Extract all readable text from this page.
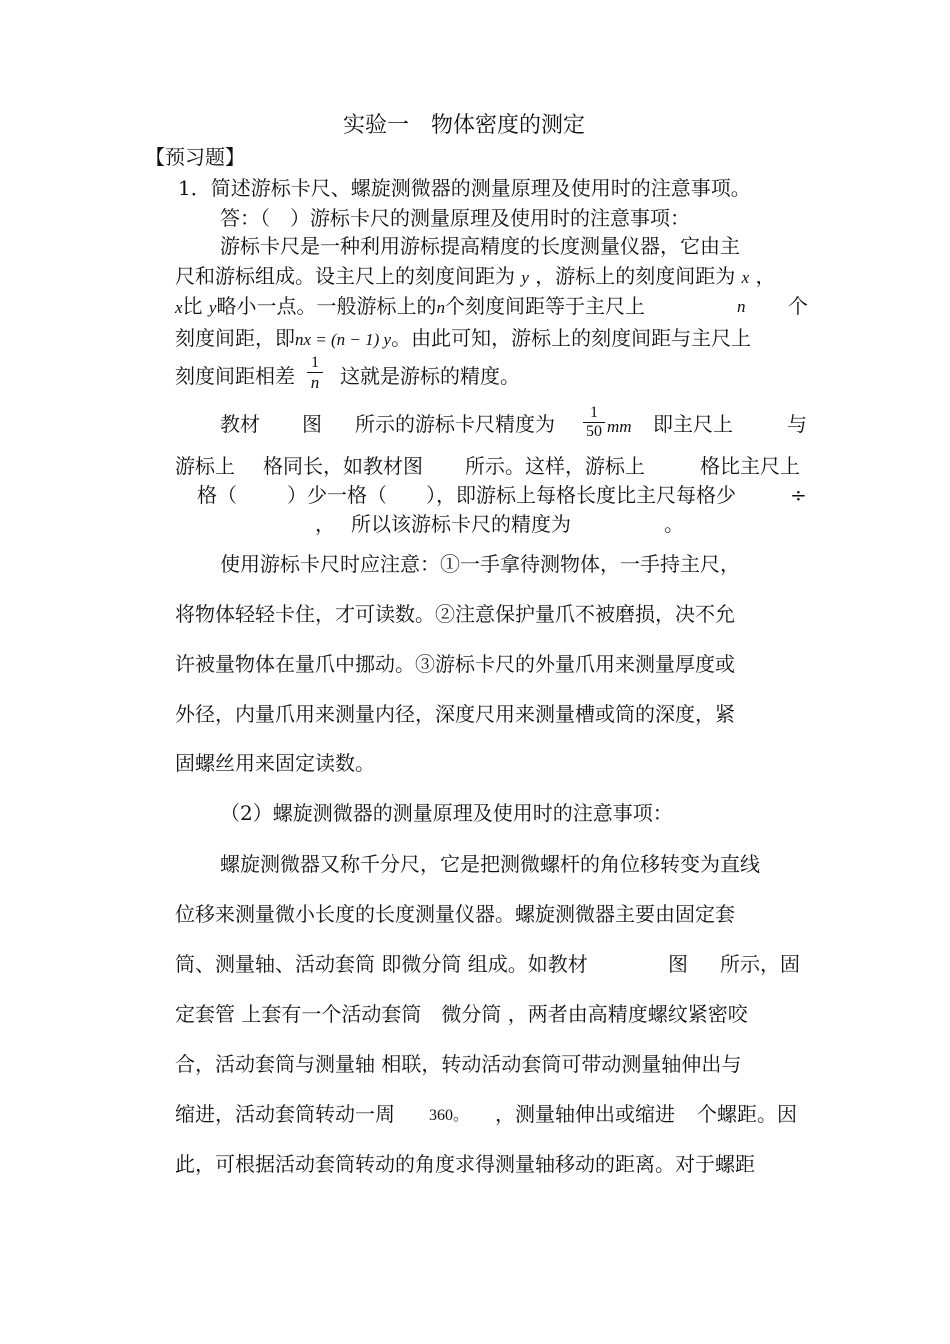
实验一　物体密度的测定
【预习题】
1．简述游标卡尺、螺旋测微器的测量原理及使用时的注意事项。
答：（　）游标卡尺的测量原理及使用时的注意事项：
游标卡尺是一种利用游标提高精度的长度测量仪器，它由主
尺和游标组成。设主尺上的刻度间距为 y ，游标上的刻度间距为 x ，
x比 y略小一点。一般游标上的n个刻度间距等于主尺上	n 个
刻度间距，即nx = (n − 1) y。由此可知，游标上的刻度间距与主尺上
刻度间距相差
1
n 这就是游标的精度。
教材 图 所示的游标卡尺精度为	1
50 mm 即主尺上	与
游标上 格同长，如教材图 所示。这样，游标上	格比主尺上
格（	）少一格（ ），即游标上每格长度比主尺每格少	÷
， 所以该游标卡尺的精度为	。
使用游标卡尺时应注意：①一手拿待测物体，一手持主尺，
将物体轻轻卡住，才可读数。②注意保护量爪不被磨损，决不允
许被量物体在量爪中挪动。③游标卡尺的外量爪用来测量厚度或
外径，内量爪用来测量内径，深度尺用来测量槽或筒的深度，紧
固螺丝用来固定读数。
（2）螺旋测微器的测量原理及使用时的注意事项：
螺旋测微器又称千分尺，它是把测微螺杆的角位移转变为直线
位移来测量微小长度的长度测量仪器。螺旋测微器主要由固定套
筒、测量轴、活动套筒 即微分筒 组成。如教材	图 所示，固
定套管 上套有一个活动套筒　微分筒 ，两者由高精度螺纹紧密咬
合，活动套筒与测量轴 相联，转动活动套筒可带动测量轴伸出与
缩进，活动套筒转动一周 360。 ，测量轴伸出或缩进 个螺距。因
此，可根据活动套筒转动的角度求得测量轴移动的距离。对于螺距
